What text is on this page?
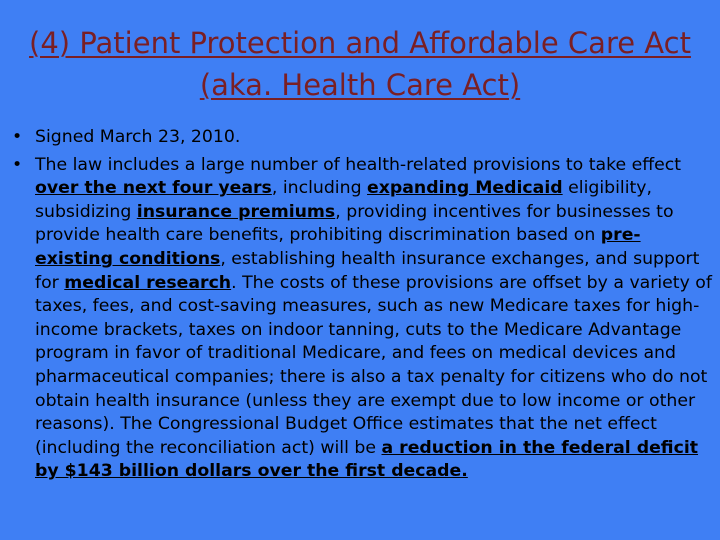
(4) Patient Protection and Affordable Care Act (aka. Health Care Act)
• Signed March 23, 2010.
• The law includes a large number of health-related provisions to take effect over the next four years, including expanding Medicaid eligibility, subsidizing insurance premiums, providing incentives for businesses to provide health care benefits, prohibiting discrimination based on pre-existing conditions, establishing health insurance exchanges, and support for medical research. The costs of these provisions are offset by a variety of taxes, fees, and cost-saving measures, such as new Medicare taxes for high-income brackets, taxes on indoor tanning, cuts to the Medicare Advantage program in favor of traditional Medicare, and fees on medical devices and pharmaceutical companies; there is also a tax penalty for citizens who do not obtain health insurance (unless they are exempt due to low income or other reasons). The Congressional Budget Office estimates that the net effect (including the reconciliation act) will be a reduction in the federal deficit by $143 billion dollars over the first decade.
